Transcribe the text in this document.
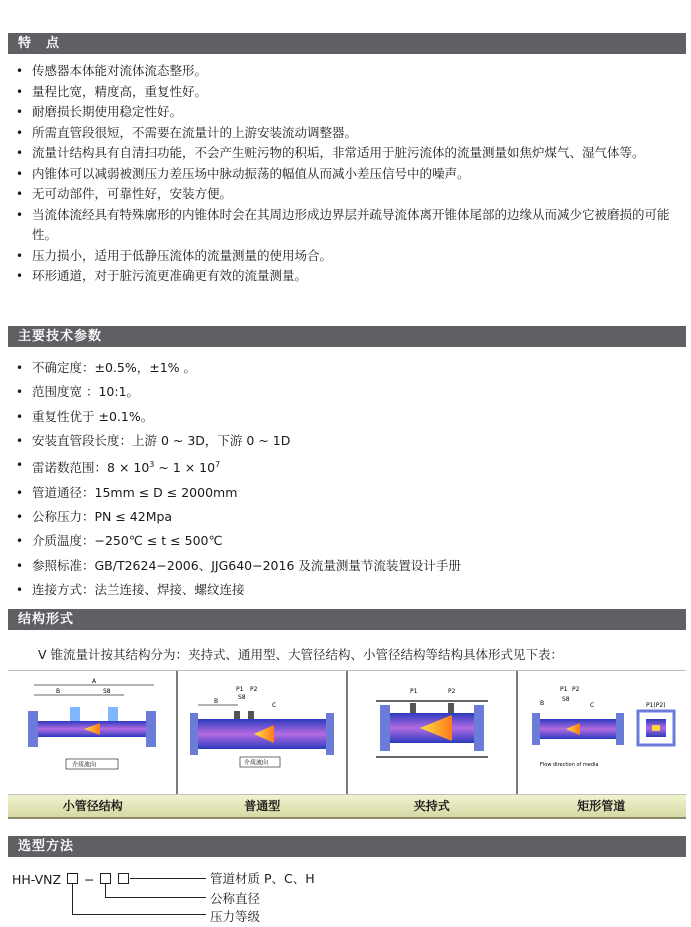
特　点
• 传感器本体能对流体流态整形。
• 量程比宽，精度高，重复性好。
• 耐磨损长期使用稳定性好。
• 所需直管段很短，不需要在流量计的上游安装流动调整器。
• 流量计结构具有自清扫功能，不会产生赃污物的积垢，非常适用于脏污流体的流量测量如焦炉煤气、湿气体等。
• 内锥体可以减弱被测压力差压场中脉动振荡的幅值从而减小差压信号中的噪声。
• 无可动部件，可靠性好，安装方便。
• 当流体流经具有特殊廓形的内锥体时会在其周边形成边界层并疏导流体离开锥体尾部的边缘从而减少它被磨损的可能性。
• 压力损小，适用于低静压流体的流量测量的使用场合。
• 环形通道，对于脏污流更准确更有效的流量测量。
主要技术参数
• 不确定度：±0.5%，±1% 。
• 范围度宽 ：10:1。
• 重复性优于 ±0.1%。
• 安装直管段长度：上游 0 ~ 3D，下游 0 ~ 1D
• 雷诺数范围：$8 \times 10^3$ ~ $1 \times 10^7$
• 管道通径：15mm ≤ D ≤ 2000mm
• 公称压力：PN ≤ 42Mpa
• 介质温度：−250℃ ≤ t ≤ 500℃
• 参照标准：GB/T2624−2006、JJG640−2016 及流量测量节流装置设计手册
• 连接方式：法兰连接、焊接、螺纹连接
结构形式
V 锥流量计按其结构分为：夹持式、通用型、大管径结构、小管径结构等结构具体形式见下表：
A
B	S8
介质流向
P1 P2
B
S8
C
介质流向
P1	P2	P1 P2
B
S8
C	P1(P2)
Flow direction of media
小管径结构	普通型	夹持式	矩形管道
选型方法
HH-VNZ −	管道材质 P、C、H
公称直径
压力等级
